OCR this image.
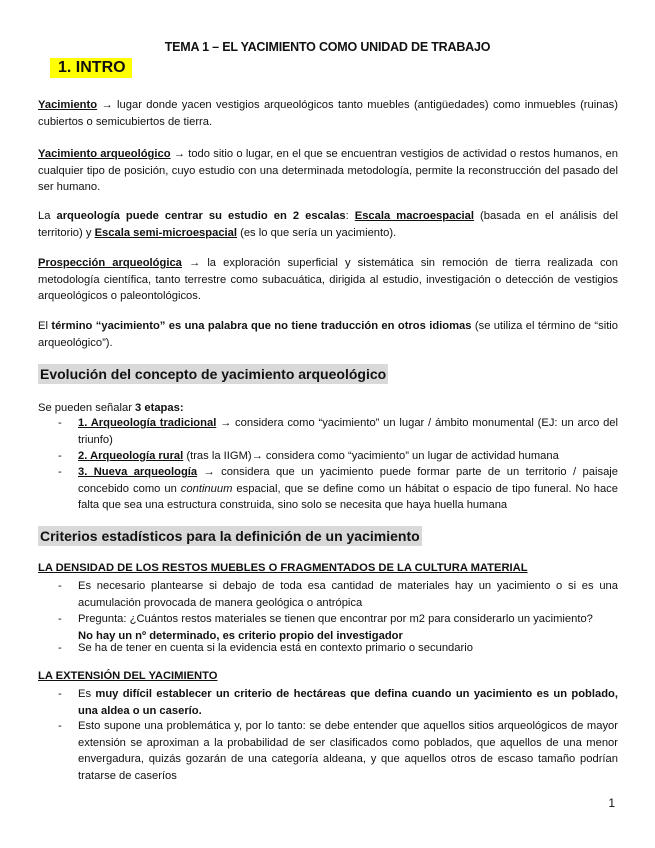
TEMA 1 – EL YACIMIENTO COMO UNIDAD DE TRABAJO
1. INTRO
Yacimiento → lugar donde yacen vestigios arqueológicos tanto muebles (antigüedades) como inmuebles (ruinas) cubiertos o semicubiertos de tierra.
Yacimiento arqueológico → todo sitio o lugar, en el que se encuentran vestigios de actividad o restos humanos, en cualquier tipo de posición, cuyo estudio con una determinada metodología, permite la reconstrucción del pasado del ser humano.
La arqueología puede centrar su estudio en 2 escalas: Escala macroespacial (basada en el análisis del territorio) y Escala semi-microespacial (es lo que sería un yacimiento).
Prospección arqueológica → la exploración superficial y sistemática sin remoción de tierra realizada con metodología científica, tanto terrestre como subacuática, dirigida al estudio, investigación o detección de vestigios arqueológicos o paleontológicos.
El término “yacimiento” es una palabra que no tiene traducción en otros idiomas (se utiliza el término de “sitio arqueológico”).
Evolución del concepto de yacimiento arqueológico
Se pueden señalar 3 etapas:
- 1. Arqueología tradicional → considera como “yacimiento” un lugar / ámbito monumental (EJ: un arco del triunfo)
- 2. Arqueología rural (tras la IIGM)→ considera como “yacimiento” un lugar de actividad humana
- 3. Nueva arqueología → considera que un yacimiento puede formar parte de un territorio / paisaje concebido como un continuum espacial, que se define como un hábitat o espacio de tipo funeral. No hace falta que sea una estructura construida, sino solo se necesita que haya huella humana
Criterios estadísticos para la definición de un yacimiento
LA DENSIDAD DE LOS RESTOS MUEBLES O FRAGMENTADOS DE LA CULTURA MATERIAL
- Es necesario plantearse si debajo de toda esa cantidad de materiales hay un yacimiento o si es una acumulación provocada de manera geológica o antrópica
- Pregunta: ¿Cuántos restos materiales se tienen que encontrar por m2 para considerarlo un yacimiento?
No hay un nº determinado, es criterio propio del investigador
- Se ha de tener en cuenta si la evidencia está en contexto primario o secundario
LA EXTENSIÓN DEL YACIMIENTO
- Es muy difícil establecer un criterio de hectáreas que defina cuando un yacimiento es un poblado, una aldea o un caserío.
- Esto supone una problemática y, por lo tanto: se debe entender que aquellos sitios arqueológicos de mayor extensión se aproximan a la probabilidad de ser clasificados como poblados, que aquellos de una menor envergadura, quizás gozarán de una categoría aldeana, y que aquellos otros de escaso tamaño podrían tratarse de caseríos
1
